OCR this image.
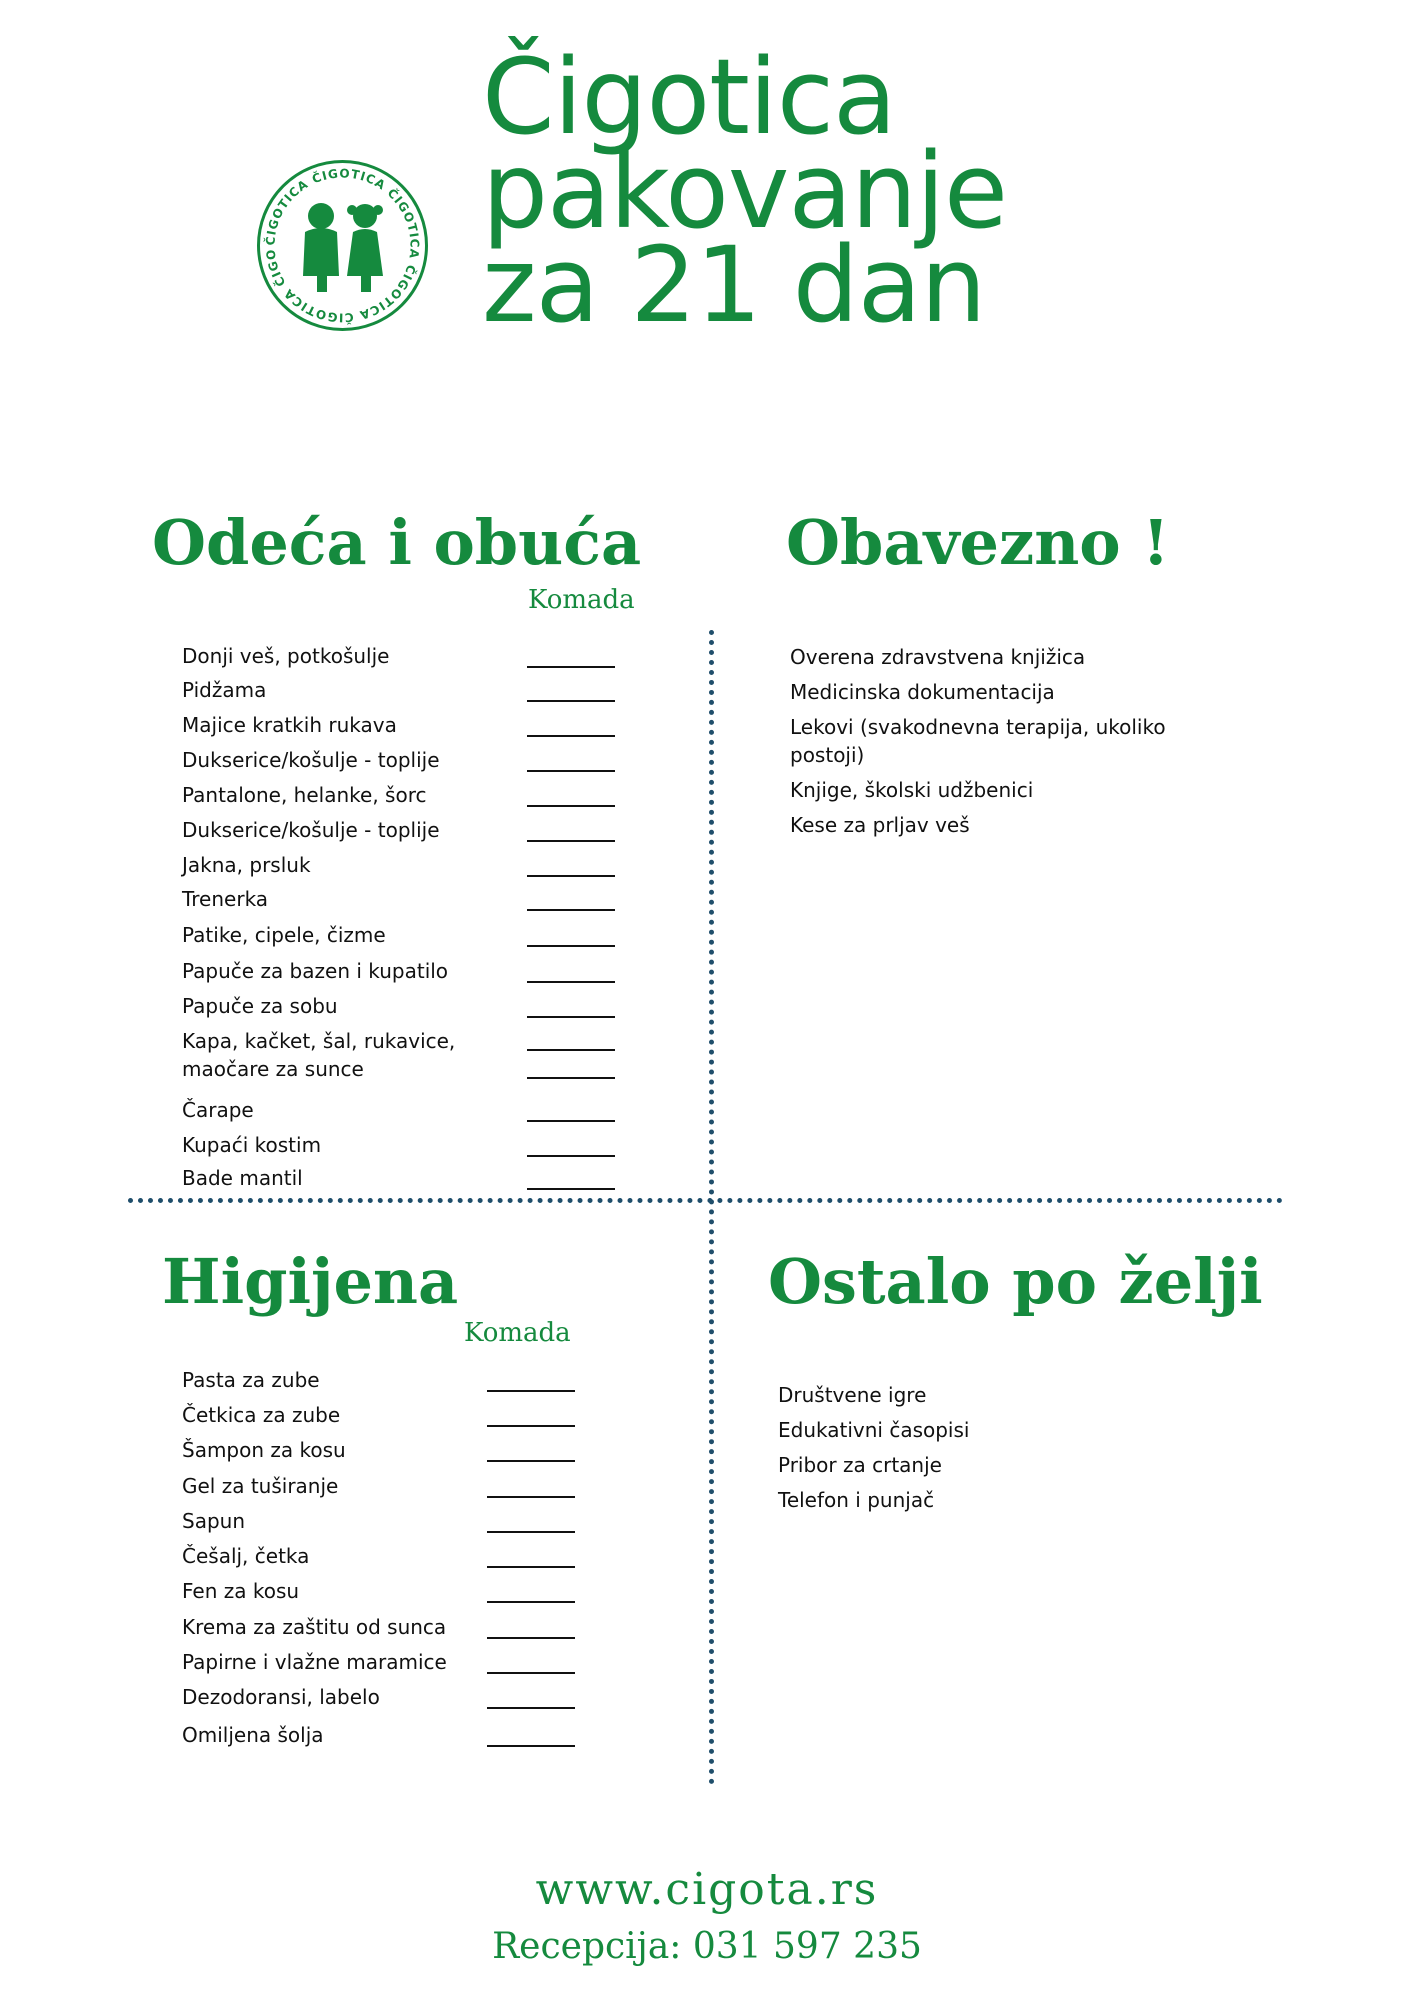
ČIGOTICA ČIGOTICA ČIGOTICA ČIGOTICA ČIGOTICA ČIGO
Čigotica
pakovanje
za 21 dan
Odeća i obuća
Komada
Donji veš, potkošulje
Pidžama
Majice kratkih rukava
Dukserice/košulje - toplije
Pantalone, helanke, šorc
Dukserice/košulje - toplije
Jakna, prsluk
Trenerka
Patike, cipele, čizme
Papuče za bazen i kupatilo
Papuče za sobu
Kapa, kačket, šal, rukavice, maočare za sunce
Čarape
Kupaći kostim
Bade mantil
Obavezno !
Overena zdravstvena knjižica
Medicinska dokumentacija
Lekovi (svakodnevna terapija, ukoliko postoji)
Knjige, školski udžbenici
Kese za prljav veš
Higijena
Komada
Pasta za zube
Četkica za zube
Šampon za kosu
Gel za tuširanje
Sapun
Češalj, četka
Fen za kosu
Krema za zaštitu od sunca
Papirne i vlažne maramice
Dezodoransi, labelo
Omiljena šolja
Ostalo po želji
Društvene igre
Edukativni časopisi
Pribor za crtanje
Telefon i punjač
www.cigota.rs
Recepcija: 031 597 235
